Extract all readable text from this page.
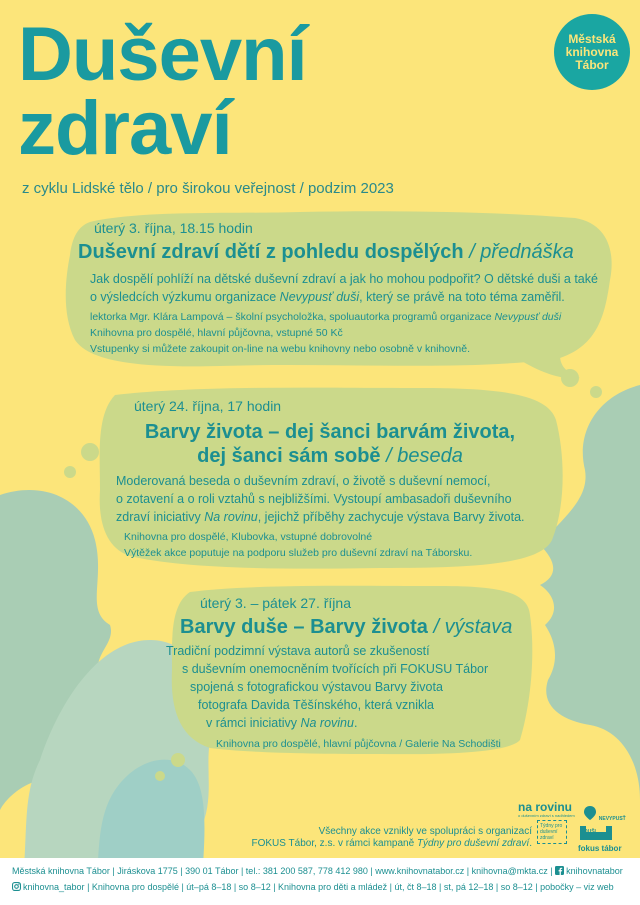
Duševní
zdraví
z cyklu Lidské tělo / pro širokou veřejnost / podzim 2023
Městská
knihovna
Tábor
úterý 3. října, 18.15 hodin
Duševní zdraví dětí z pohledu dospělých / přednáška
Jak dospělí pohlíží na dětské duševní zdraví a jak ho mohou podpořit? O dětské duši a také
o výsledcích výzkumu organizace Nevypusť duši, který se právě na toto téma zaměřil.
lektorka Mgr. Klára Lampová – školní psycholožka, spoluautorka programů organizace Nevypusť duši
Knihovna pro dospělé, hlavní půjčovna, vstupné 50 Kč
Vstupenky si můžete zakoupit on-line na webu knihovny nebo osobně v knihovně.
úterý 24. října, 17 hodin
Barvy života – dej šanci barvám života,
dej šanci sám sobě / beseda
Moderovaná beseda o duševním zdraví, o životě s duševní nemocí,
o zotavení a o roli vztahů s nejbližšími. Vystoupí ambasadoři duševního
zdraví iniciativy Na rovinu, jejichž příběhy zachycuje výstava Barvy života.
Knihovna pro dospělé, Klubovka, vstupné dobrovolné
Výtěžek akce poputuje na podporu služeb pro duševní zdraví na Táborsku.
úterý 3. – pátek 27. října
Barvy duše – Barvy života / výstava
Tradiční podzimní výstava autorů se zkušeností
s duševním onemocněním tvořících při FOKUSU Tábor
spojená s fotografickou výstavou Barvy života
fotografa Davida Těšínského, která vznikla
v rámci iniciativy Na rovinu.
Knihovna pro dospělé, hlavní půjčovna / Galerie Na Schodišti
na rovinu
o duševním zdraví s nadhledem
Týdny pro duševní zdraví
NEVYPUSŤ

fokus tábor
Všechny akce vznikly ve spolupráci s organizací
FOKUS Tábor, z.s. v rámci kampaně Týdny pro duševní zdraví.
Městská knihovna Tábor | Jiráskova 1775 | 390 01 Tábor | tel.: 381 200 587, 778 412 980 | www.knihovnatabor.cz | knihovna@mkta.cz | knihovnatabor
knihovna_tabor | Knihovna pro dospělé | út–pá 8–18 | so 8–12 | Knihovna pro děti a mládež | út, čt 8–18 | st, pá 12–18 | so 8–12 | pobočky – viz web
